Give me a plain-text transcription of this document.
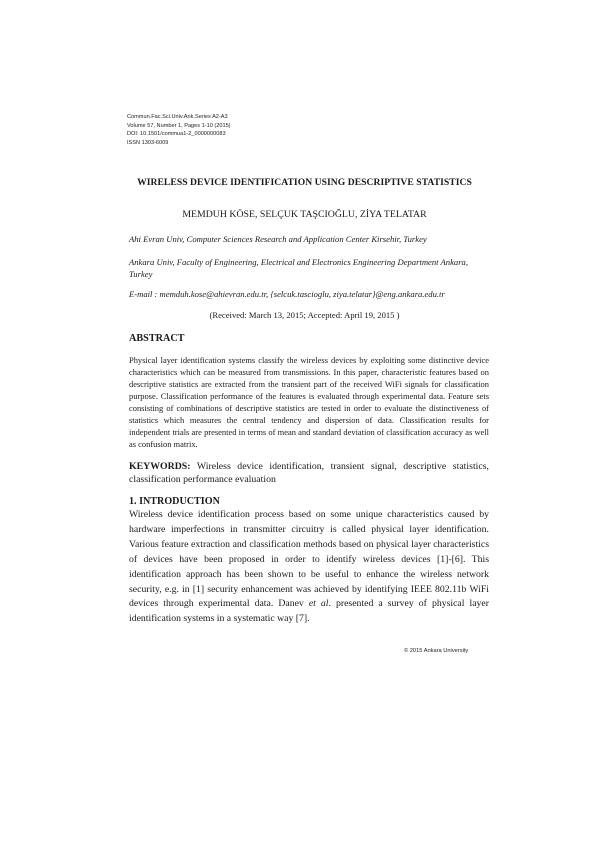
Commun.Fac.Sci.Univ.Ank.Series A2-A3
Volume 57, Number 1, Pages 1-10 (2015)
DOI: 10.1501/commua1-2_0000000083
ISSN 1303-6009
WIRELESS DEVICE IDENTIFICATION USING DESCRIPTIVE STATISTICS
MEMDUH KÖSE, SELÇUK TAŞCIOĞLU, ZİYA TELATAR
Ahi Evran Univ, Computer Sciences Research and Application Center Kirsehir, Turkey
Ankara Univ, Faculty of Engineering, Electrical and Electronics Engineering Department Ankara, Turkey
E-mail : memduh.kose@ahievran.edu.tr, {selcuk.tascioglu, ziya.telatar}@eng.ankara.edu.tr
(Received: March 13, 2015; Accepted: April 19, 2015 )
ABSTRACT
Physical layer identification systems classify the wireless devices by exploiting some distinctive device characteristics which can be measured from transmissions. In this paper, characteristic features based on descriptive statistics are extracted from the transient part of the received WiFi signals for classification purpose. Classification performance of the features is evaluated through experimental data. Feature sets consisting of combinations of descriptive statistics are tested in order to evaluate the distinctiveness of statistics which measures the central tendency and dispersion of data. Classification results for independent trials are presented in terms of mean and standard deviation of classification accuracy as well as confusion matrix.
KEYWORDS: Wireless device identification, transient signal, descriptive statistics, classification performance evaluation
1. INTRODUCTION
Wireless device identification process based on some unique characteristics caused by hardware imperfections in transmitter circuitry is called physical layer identification. Various feature extraction and classification methods based on physical layer characteristics of devices have been proposed in order to identify wireless devices [1]-[6]. This identification approach has been shown to be useful to enhance the wireless network security, e.g. in [1] security enhancement was achieved by identifying IEEE 802.11b WiFi devices through experimental data. Danev et al. presented a survey of physical layer identification systems in a systematic way [7].
© 2015 Ankara University
